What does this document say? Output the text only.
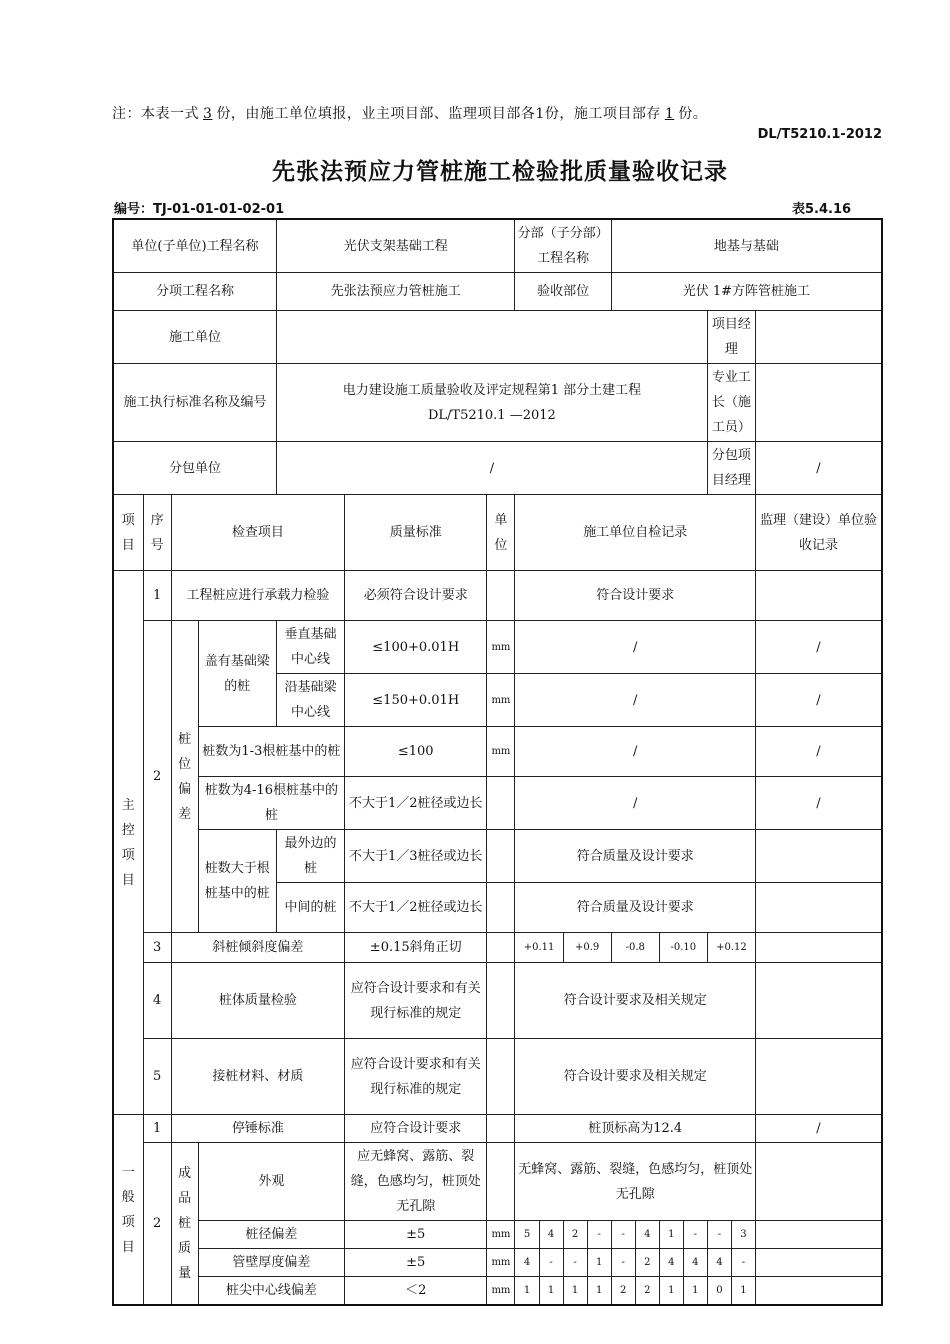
注：本表一式 3 份，由施工单位填报，业主项目部、监理项目部各1份，施工项目部存 1 份。
DL/T5210.1-2012
先张法预应力管桩施工检验批质量验收记录
编号：TJ-01-01-01-02-01	表5.4.16
单位(子单位)工程名称				光伏支架基础工程			分部（子分部）工程名称				地基与基础						
分项工程名称				先张法预应力管桩施工			验收部位				光伏 1#方阵管桩施工						
施工单位															项目经理		
施工执行标准名称及编号				电力建设施工质量验收及评定规程第1 部分土建工程
DL/T5210.1 —2012											专业工长（施工员）		
分包单位				/											分包项目经理		/
项目	序号	检查项目			质量标准	单位	施工单位自检记录										监理（建设）单位验收记录
主控项目	1	工程桩应进行承载力检验			必须符合设计要求		符合设计要求										
	2	桩位偏差	盖有基础梁的桩	垂直基础中心线	≤100+0.01H	mm	/										/
				沿基础梁中心线	≤150+0.01H	mm	/										/
			桩数为1-3根桩基中的桩		≤100	mm	/										/
			桩数为4-16根桩基中的桩		不大于1／2桩径或边长		/										/
			桩数大于根桩基中的桩	最外边的桩	不大于1／3桩径或边长		符合质量及设计要求										
				中间的桩	不大于1／2桩径或边长		符合质量及设计要求										
	3	斜桩倾斜度偏差			±0.15斜角正切		+0.11		+0.9		-0.8		-0.10		+0.12		
	4	桩体质量检验			应符合设计要求和有关现行标准的规定		符合设计要求及相关规定										
	5	接桩材料、材质			应符合设计要求和有关现行标准的规定		符合设计要求及相关规定										
一般项目	1	停锤标准			应符合设计要求		桩顶标高为12.4										/
	2	成品桩质量	外观		应无蜂窝、露筋、裂缝，色感均匀，桩顶处无孔隙		无蜂窝、露筋、裂缝，色感均匀，桩顶处无孔隙										
			桩径偏差		±5	mm	5	4	2	-	-	4	1	-	-	3	
			管壁厚度偏差		±5	mm	4	-	-	1	-	2	4	4	4	-	
			桩尖中心线偏差		＜2	mm	1	1	1	1	2	2	1	1	0	1	
